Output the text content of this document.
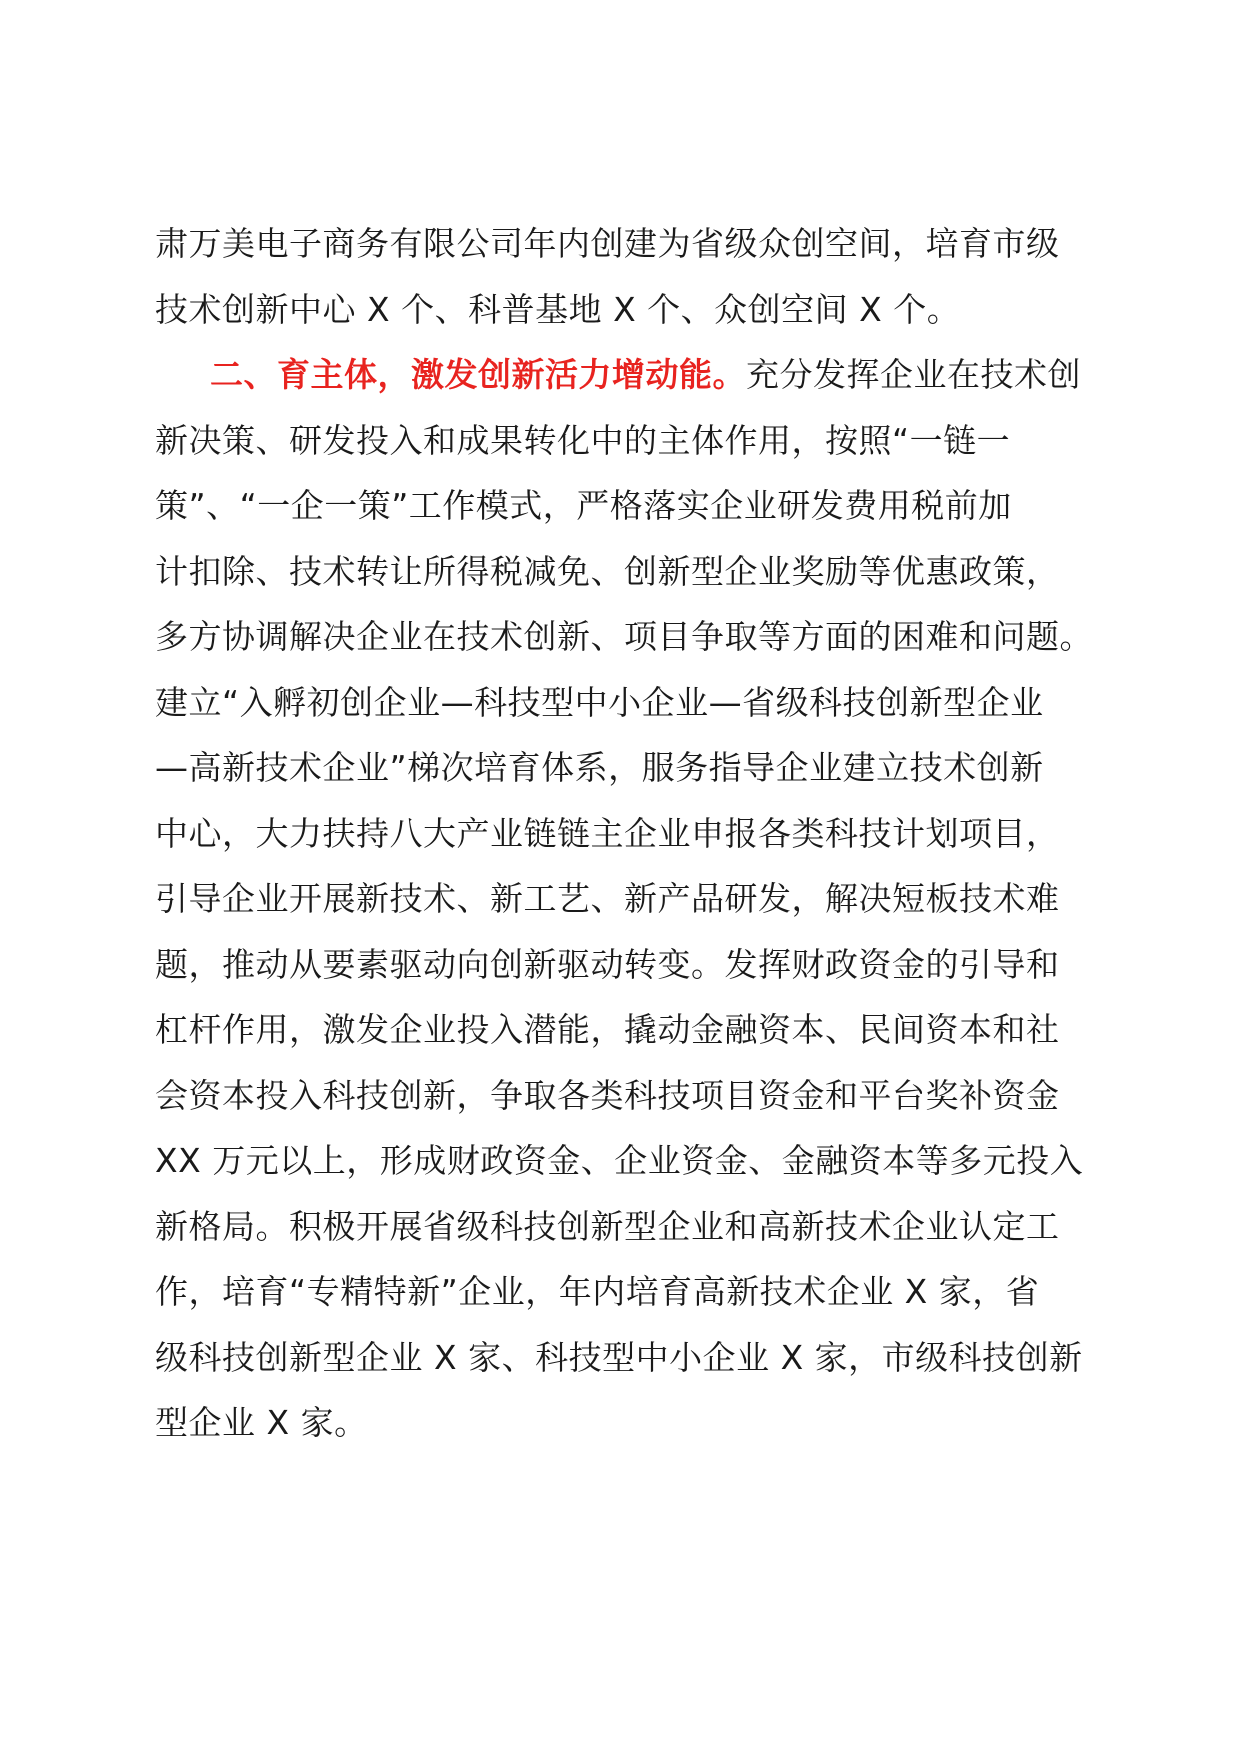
肃万美电子商务有限公司年内创建为省级众创空间，培育市级
技术创新中心 X 个、科普基地 X 个、众创空间 X 个。
二、育主体，激发创新活力增动能。充分发挥企业在技术创
新决策、研发投入和成果转化中的主体作用，按照“一链一
策”、“一企一策”工作模式，严格落实企业研发费用税前加
计扣除、技术转让所得税减免、创新型企业奖励等优惠政策，
多方协调解决企业在技术创新、项目争取等方面的困难和问题。
建立“入孵初创企业—科技型中小企业—省级科技创新型企业
—高新技术企业”梯次培育体系，服务指导企业建立技术创新
中心，大力扶持八大产业链链主企业申报各类科技计划项目，
引导企业开展新技术、新工艺、新产品研发，解决短板技术难
题，推动从要素驱动向创新驱动转变。发挥财政资金的引导和
杠杆作用，激发企业投入潜能，撬动金融资本、民间资本和社
会资本投入科技创新，争取各类科技项目资金和平台奖补资金
XX 万元以上，形成财政资金、企业资金、金融资本等多元投入
新格局。积极开展省级科技创新型企业和高新技术企业认定工
作，培育“专精特新”企业，年内培育高新技术企业 X 家，省
级科技创新型企业 X 家、科技型中小企业 X 家，市级科技创新
型企业 X 家。
